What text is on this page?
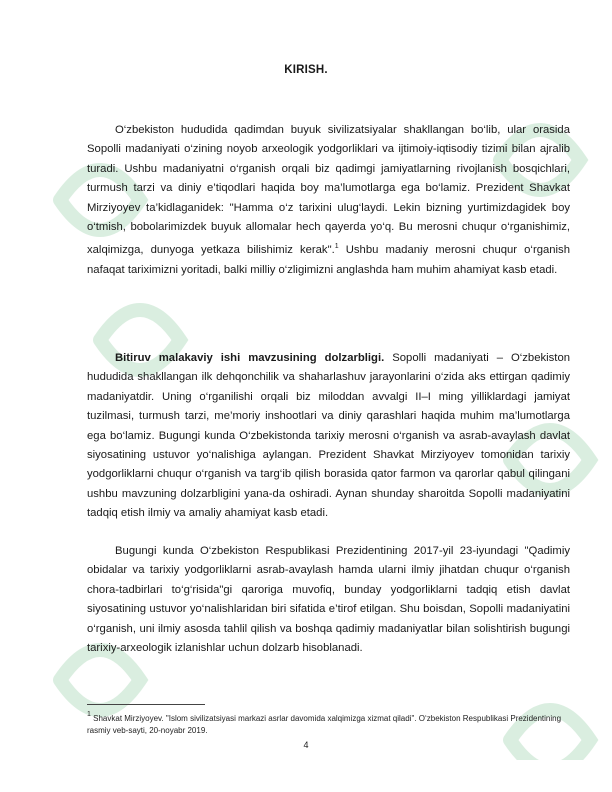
KIRISH.

O‘zbekiston hududida qadimdan buyuk sivilizatsiyalar shakllangan bo‘lib, ular orasida Sopolli madaniyati o‘zining noyob arxeologik yodgorliklari va ijtimoiy-iqtisodiy tizimi bilan ajralib turadi. Ushbu madaniyatni o‘rganish orqali biz qadimgi jamiyatlarning rivojlanish bosqichlari, turmush tarzi va diniy e’tiqodlari haqida boy ma’lumotlarga ega bo‘lamiz. Prezident Shavkat Mirziyoyev ta’kidlaganidek: "Hamma o‘z tarixini ulug‘laydi. Lekin bizning yurtimizdagidek boy o‘tmish, bobolarimizdek buyuk allomalar hech qayerda yo‘q. Bu merosni chuqur o‘rganishimiz, xalqimizga, dunyoga yetkaza bilishimiz kerak".$^1$ Ushbu madaniy merosni chuqur o‘rganish nafaqat tariximizni yoritadi, balki milliy o‘zligimizni anglashda ham muhim ahamiyat kasb etadi.

Bitiruv malakaviy ishi mavzusining dolzarbligi. Sopolli madaniyati – O‘zbekiston hududida shakllangan ilk dehqonchilik va shaharlashuv jarayonlarini o‘zida aks ettirgan qadimiy madaniyatdir. Uning o‘rganilishi orqali biz miloddan avvalgi II–I ming yilliklardagi jamiyat tuzilmasi, turmush tarzi, me’moriy inshootlari va diniy qarashlari haqida muhim ma’lumotlarga ega bo‘lamiz. Bugungi kunda O‘zbekistonda tarixiy merosni o‘rganish va asrab-avaylash davlat siyosatining ustuvor yo‘nalishiga aylangan. Prezident Shavkat Mirziyoyev tomonidan tarixiy yodgorliklarni chuqur o‘rganish va targ‘ib qilish borasida qator farmon va qarorlar qabul qilingani ushbu mavzuning dolzarbligini yana-da oshiradi. Aynan shunday sharoitda Sopolli madaniyatini tadqiq etish ilmiy va amaliy ahamiyat kasb etadi.

Bugungi kunda O‘zbekiston Respublikasi Prezidentining 2017-yil 23-iyundagi "Qadimiy obidalar va tarixiy yodgorliklarni asrab-avaylash hamda ularni ilmiy jihatdan chuqur o‘rganish chora-tadbirlari to‘g‘risida"gi qaroriga muvofiq, bunday yodgorliklarni tadqiq etish davlat siyosatining ustuvor yo‘nalishlaridan biri sifatida e’tirof etilgan. Shu boisdan, Sopolli madaniyatini o‘rganish, uni ilmiy asosda tahlil qilish va boshqa qadimiy madaniyatlar bilan solishtirish bugungi tarixiy-arxeologik izlanishlar uchun dolzarb hisoblanadi.

1 Shavkat Mirziyoyev. "Islom sivilizatsiyasi markazi asrlar davomida xalqimizga xizmat qiladi". O‘zbekiston Respublikasi Prezidentining rasmiy veb-sayti, 20-noyabr 2019.
4
